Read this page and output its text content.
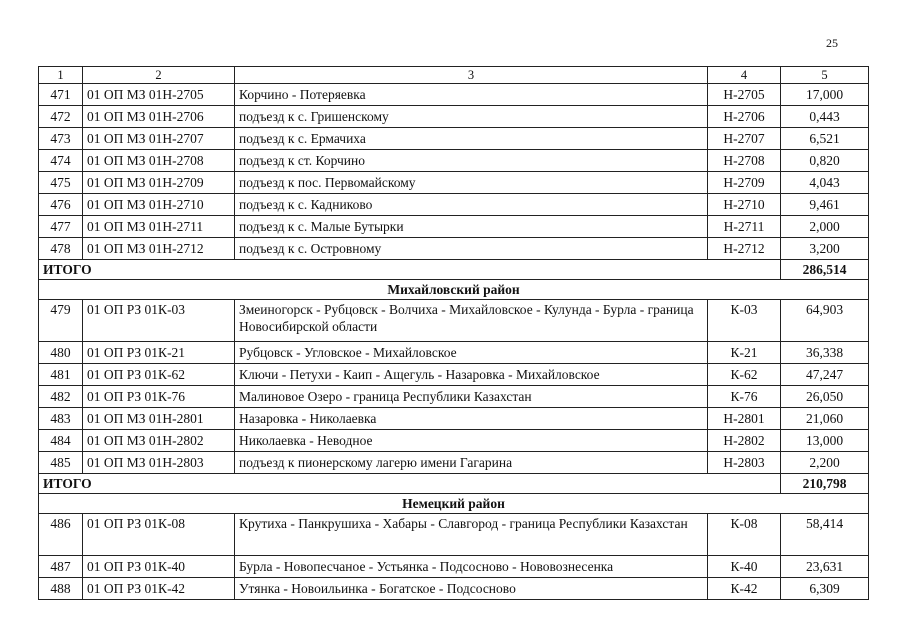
25
1	2	3	4	5
471	01 ОП МЗ 01Н-2705	Корчино - Потеряевка	Н-2705	17,000
472	01 ОП МЗ 01Н-2706	подъезд к с. Гришенскому	Н-2706	0,443
473	01 ОП МЗ 01Н-2707	подъезд к с. Ермачиха	Н-2707	6,521
474	01 ОП МЗ 01Н-2708	подъезд к ст. Корчино	Н-2708	0,820
475	01 ОП МЗ 01Н-2709	подъезд к пос. Первомайскому	Н-2709	4,043
476	01 ОП МЗ 01Н-2710	подъезд к с. Кадниково	Н-2710	9,461
477	01 ОП МЗ 01Н-2711	подъезд к с. Малые Бутырки	Н-2711	2,000
478	01 ОП МЗ 01Н-2712	подъезд к с. Островному	Н-2712	3,200
ИТОГО				286,514
Михайловский район				
479	01 ОП РЗ 01К-03	Змеиногорск - Рубцовск - Волчиха - Михайловское - Кулунда - Бурла - граница Новосибирской области	К-03	64,903
480	01 ОП РЗ 01К-21	Рубцовск - Угловское - Михайловское	К-21	36,338
481	01 ОП РЗ 01К-62	Ключи - Петухи - Каип - Ащегуль - Назаровка - Михайловское	К-62	47,247
482	01 ОП РЗ 01К-76	Малиновое Озеро - граница Республики Казахстан	К-76	26,050
483	01 ОП МЗ 01Н-2801	Назаровка - Николаевка	Н-2801	21,060
484	01 ОП МЗ 01Н-2802	Николаевка - Неводное	Н-2802	13,000
485	01 ОП МЗ 01Н-2803	подъезд к пионерскому лагерю имени Гагарина	Н-2803	2,200
ИТОГО				210,798
Немецкий район				
486	01 ОП РЗ 01К-08	Крутиха - Панкрушиха - Хабары - Славгород - граница Республики Казахстан	К-08	58,414
487	01 ОП РЗ 01К-40	Бурла - Новопесчаное - Устьянка - Подсосново - Нововознесенка	К-40	23,631
488	01 ОП РЗ 01К-42	Утянка - Новоильинка - Богатское - Подсосново	К-42	6,309
